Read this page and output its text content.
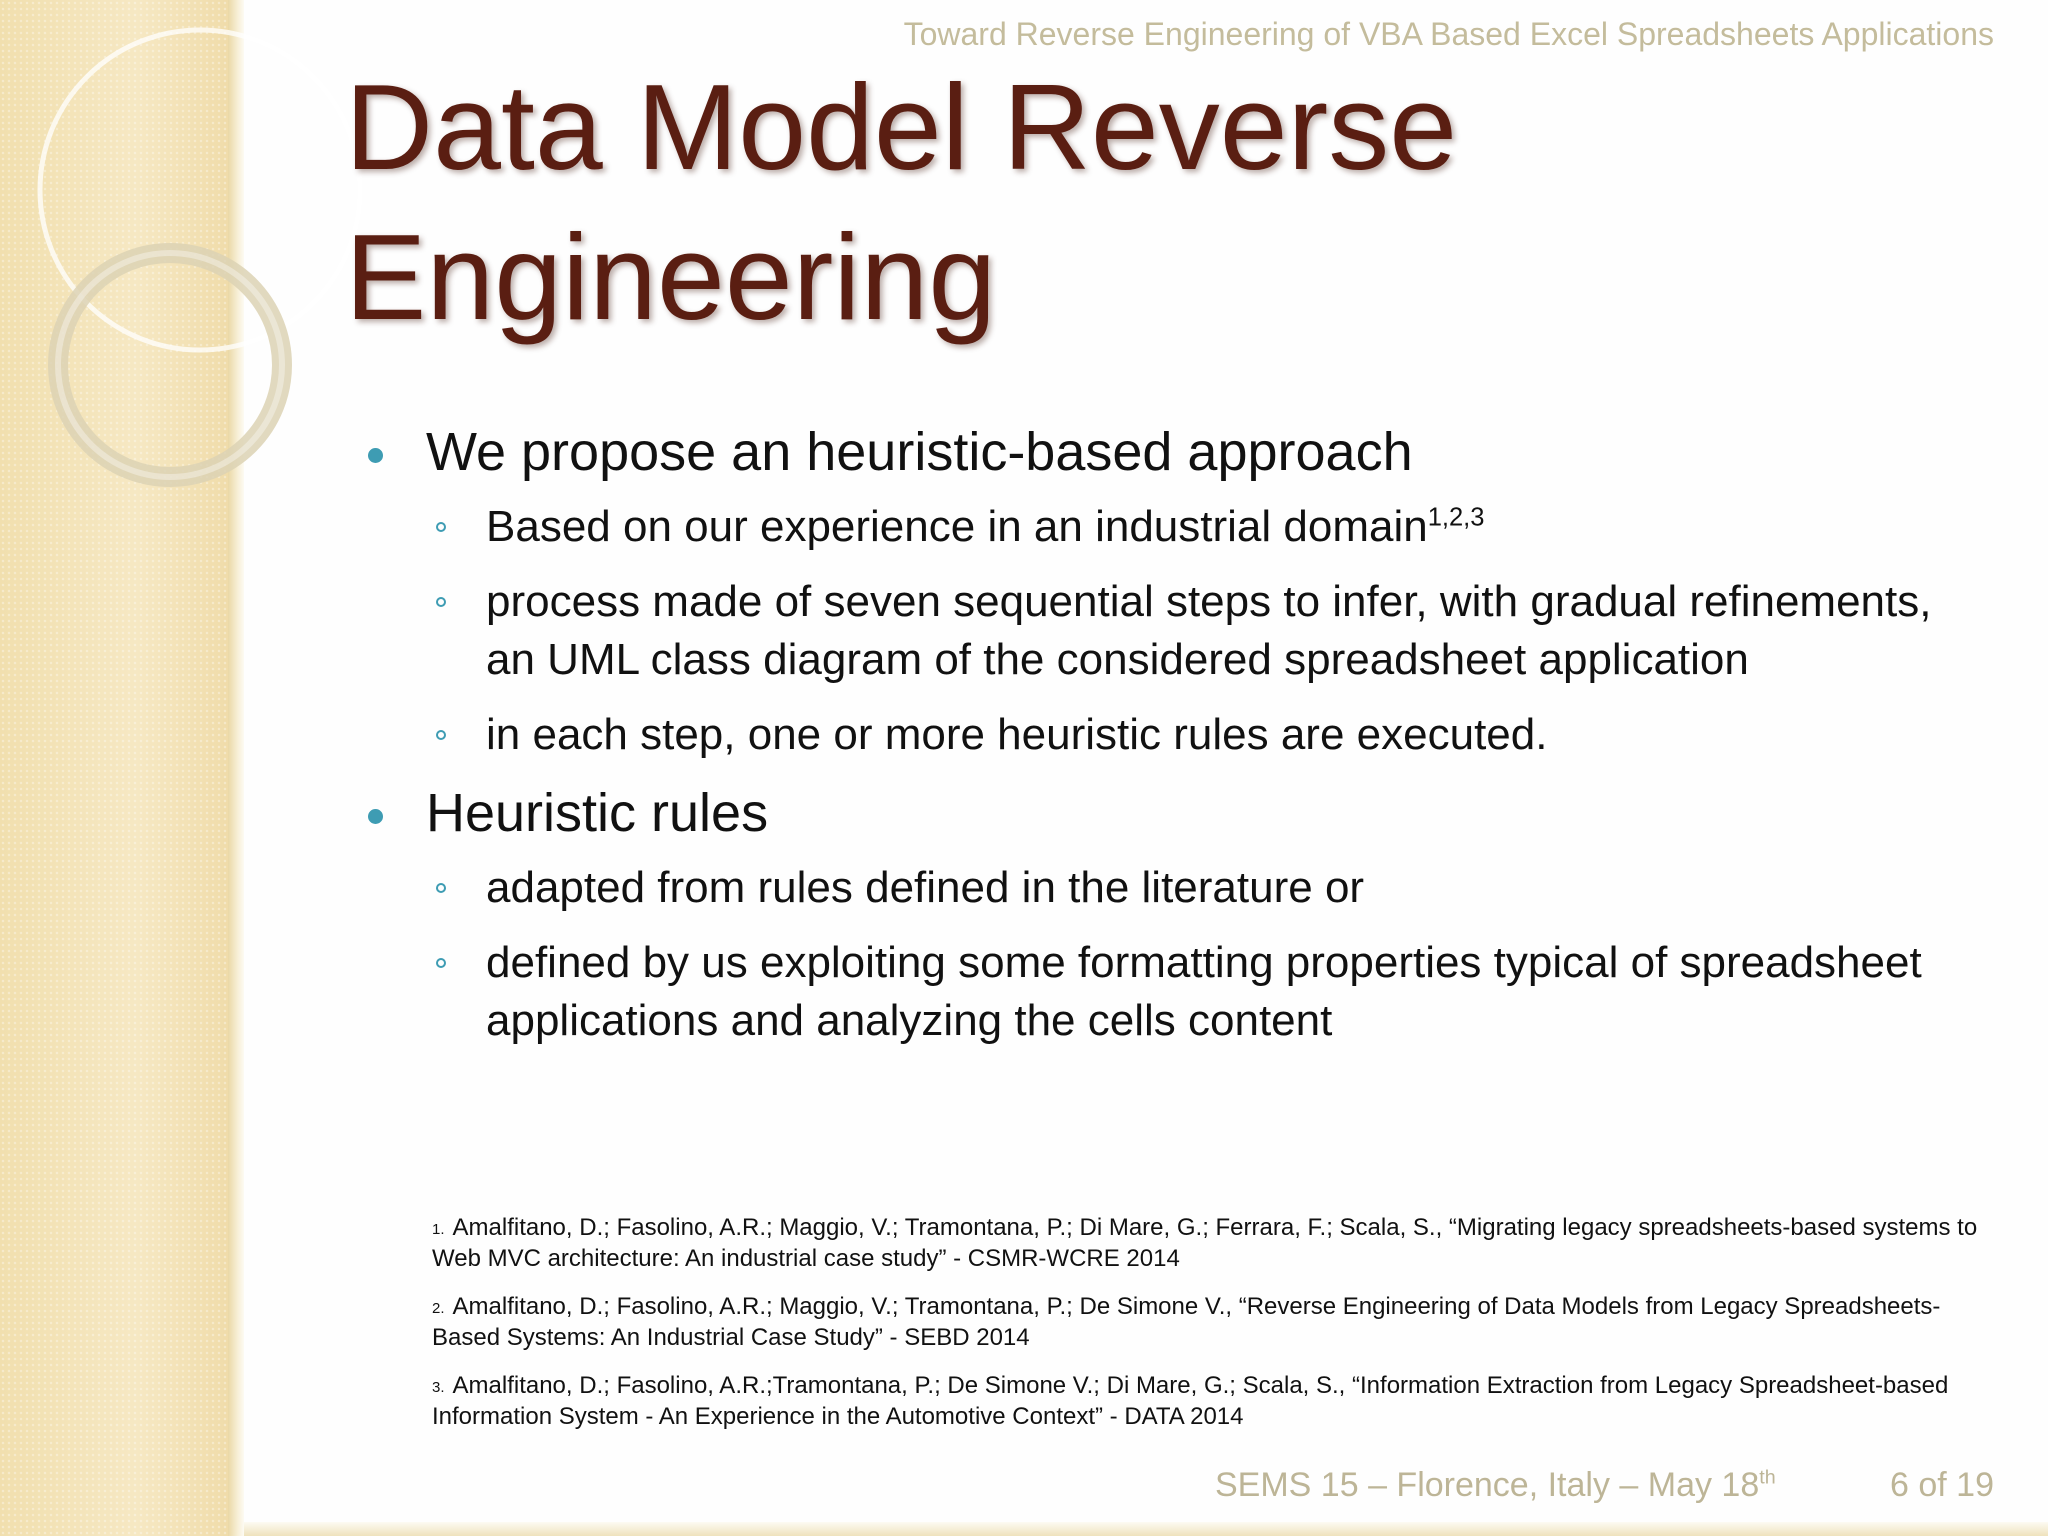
Toward Reverse Engineering of VBA Based Excel Spreadsheets Applications
Data Model Reverse
Engineering
We propose an heuristic-based approach
Based on our experience in an industrial domain$^{1,2,3}$
process made of seven sequential steps to infer, with gradual refinements, an UML class diagram of the considered spreadsheet application
in each step, one or more heuristic rules are executed.
Heuristic rules
adapted from rules defined in the literature or
defined by us exploiting some formatting properties typical of spreadsheet applications and analyzing the cells content
$^{1.}$ Amalfitano, D.; Fasolino, A.R.; Maggio, V.; Tramontana, P.; Di Mare, G.; Ferrara, F.; Scala, S., “Migrating legacy spreadsheets-based systems to Web MVC architecture: An industrial case study” - CSMR-WCRE 2014
$^{2.}$ Amalfitano, D.; Fasolino, A.R.; Maggio, V.; Tramontana, P.; De Simone V., “Reverse Engineering of Data Models from Legacy Spreadsheets-Based Systems: An Industrial Case Study” - SEBD 2014
$^{3.}$ Amalfitano, D.; Fasolino, A.R.;Tramontana, P.; De Simone V.; Di Mare, G.; Scala, S., “Information Extraction from Legacy Spreadsheet-based Information System - An Experience in the Automotive Context” - DATA 2014
SEMS 15 – Florence, Italy – May 18th	6 of 19
